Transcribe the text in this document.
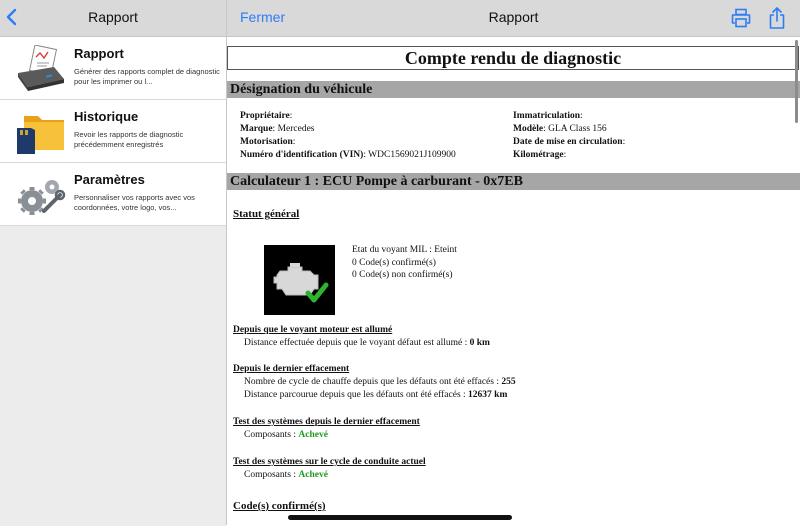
Rapport	Fermer	Rapport
Rapport
Générer des rapports complet de diagnostic pour les imprimer ou l...
Historique
Revoir les rapports de diagnostic précédemment enregistrés
Paramètres
Personnaliser vos rapports avec vos coordonnées, votre logo, vos...
Compte rendu de diagnostic
Désignation du véhicule
Propriétaire:
Marque: Mercedes
Motorisation:
Numéro d'identification (VIN): WDC1569021J109900
Immatriculation:
Modèle: GLA Class 156
Date de mise en circulation:
Kilométrage:
Calculateur 1 : ECU Pompe à carburant - 0x7EB
Statut général
Etat du voyant MIL : Eteint
0 Code(s) confirmé(s)
0 Code(s) non confirmé(s)
Depuis que le voyant moteur est allumé
Distance effectuée depuis que le voyant défaut est allumé : 0 km
Depuis le dernier effacement
Nombre de cycle de chauffe depuis que les défauts ont été effacés : 255
Distance parcourue depuis que les défauts ont été effacés : 12637 km
Test des systèmes depuis le dernier effacement
Composants : Achevé
Test des systèmes sur le cycle de conduite actuel
Composants : Achevé
Code(s) confirmé(s)
